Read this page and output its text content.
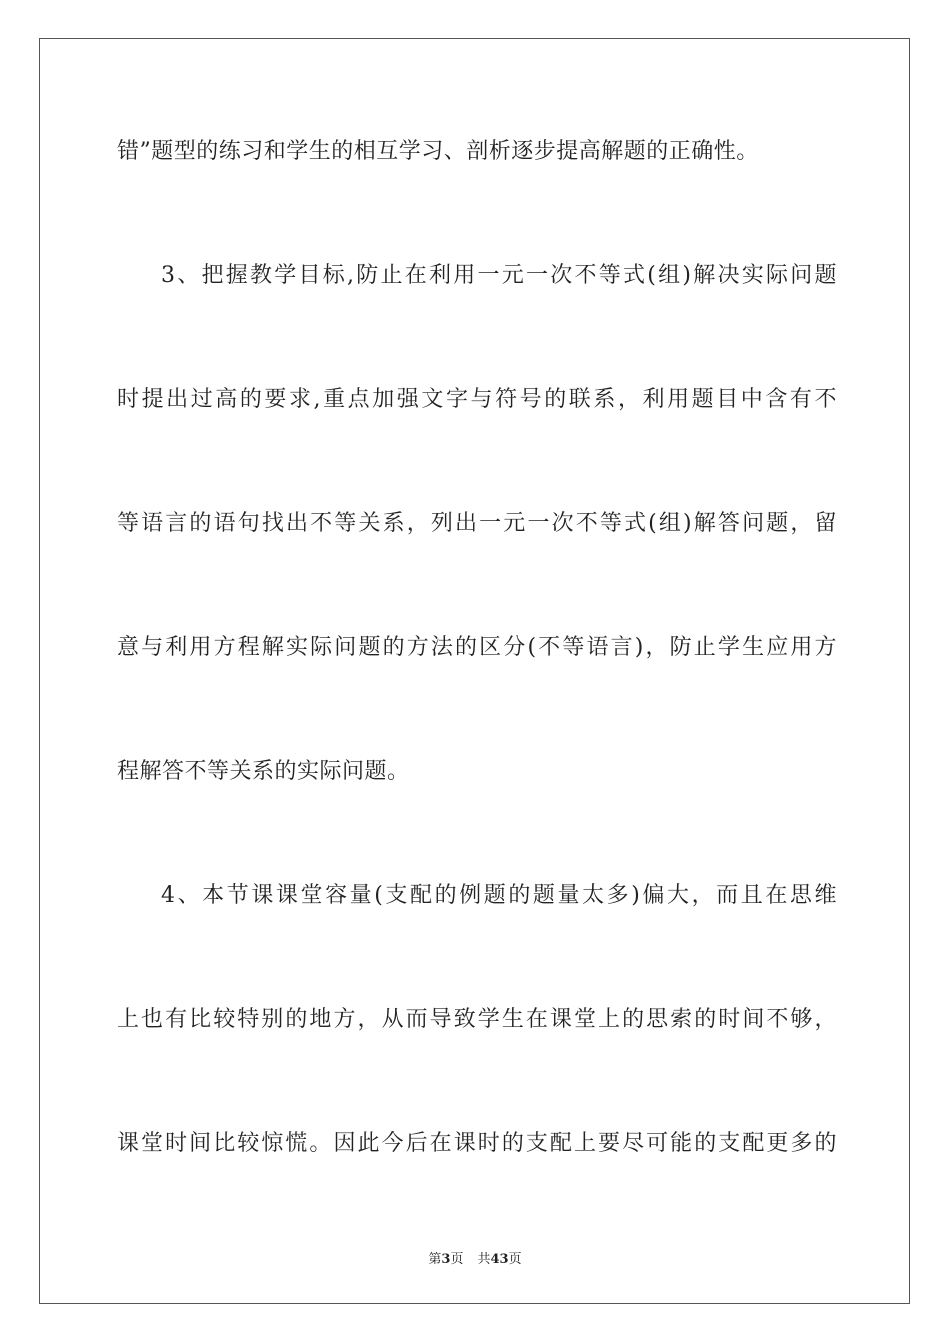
错”题型的练习和学生的相互学习、剖析逐步提高解题的正确性。
3、把握教学目标,防止在利用一元一次不等式(组)解决实际问题
时提出过高的要求,重点加强文字与符号的联系，利用题目中含有不
等语言的语句找出不等关系，列出一元一次不等式(组)解答问题，留
意与利用方程解实际问题的方法的区分(不等语言)，防止学生应用方
程解答不等关系的实际问题。
4、本节课课堂容量(支配的例题的题量太多)偏大，而且在思维
上也有比较特别的地方，从而导致学生在课堂上的思索的时间不够，
课堂时间比较惊慌。因此今后在课时的支配上要尽可能的支配更多的
第3页 共43页
